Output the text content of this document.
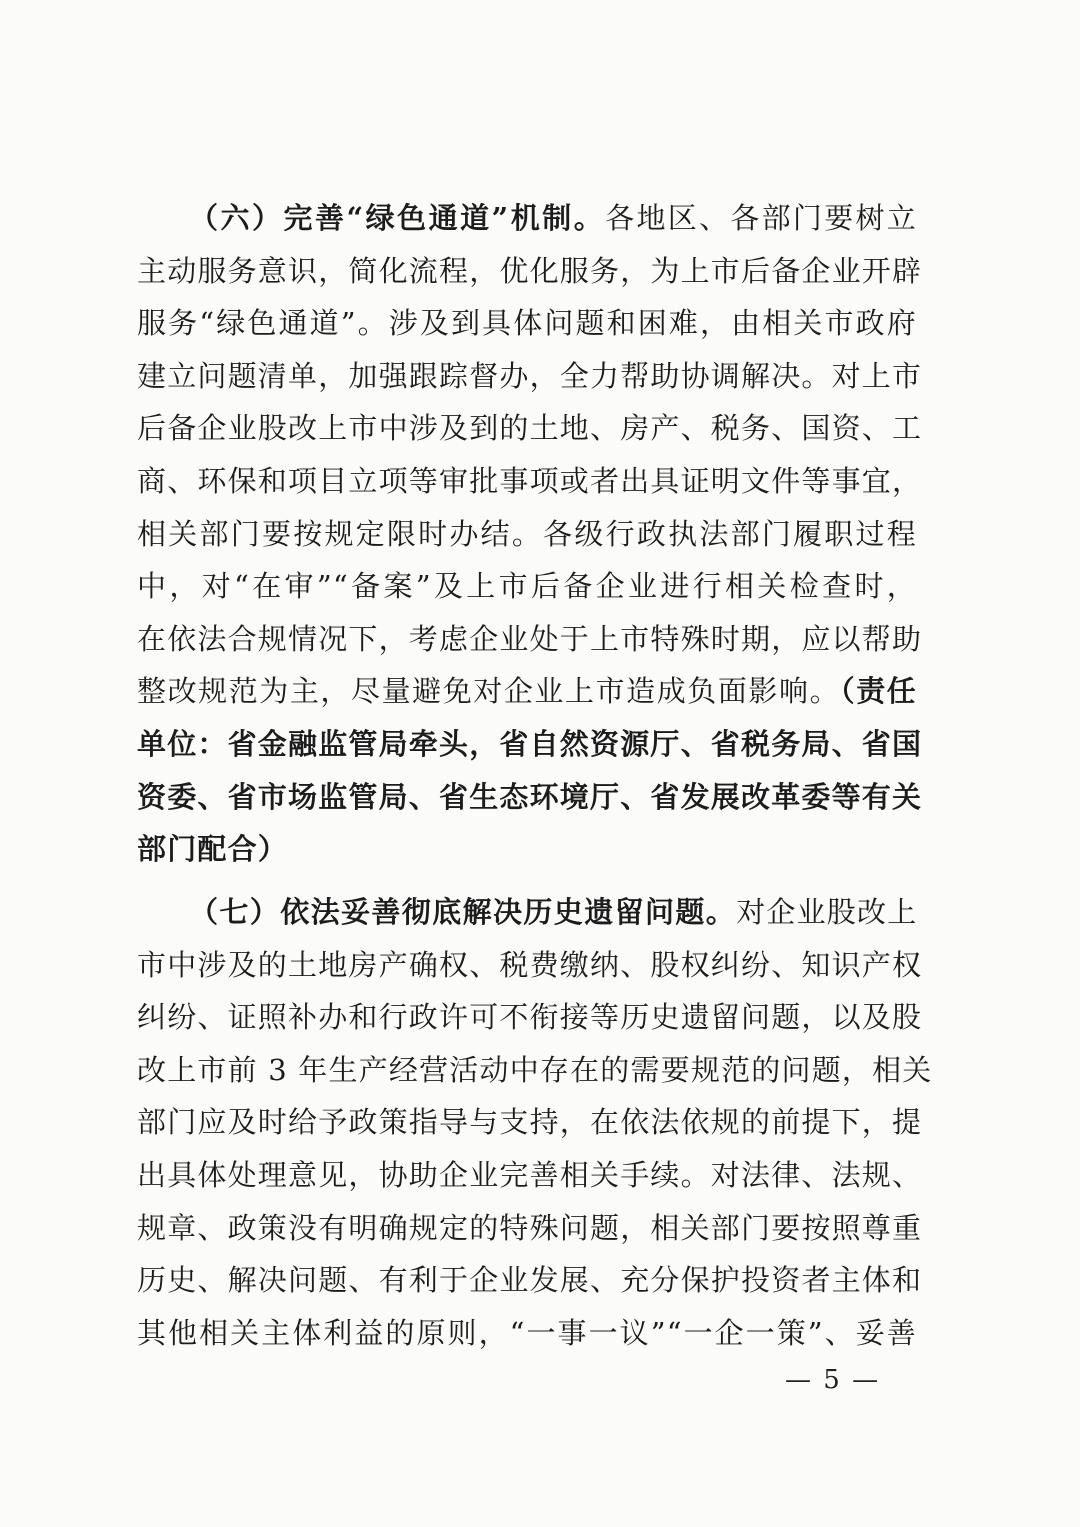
（六）完善“绿色通道”机制。各地区、各部门要树立
主动服务意识，简化流程，优化服务，为上市后备企业开辟
服务“绿色通道”。涉及到具体问题和困难，由相关市政府
建立问题清单，加强跟踪督办，全力帮助协调解决。对上市
后备企业股改上市中涉及到的土地、房产、税务、国资、工
商、环保和项目立项等审批事项或者出具证明文件等事宜，
相关部门要按规定限时办结。各级行政执法部门履职过程
中，对“在审”“备案”及上市后备企业进行相关检查时，
在依法合规情况下，考虑企业处于上市特殊时期，应以帮助
整改规范为主，尽量避免对企业上市造成负面影响。（责任
单位：省金融监管局牵头，省自然资源厅、省税务局、省国
资委、省市场监管局、省生态环境厅、省发展改革委等有关
部门配合）
（七）依法妥善彻底解决历史遗留问题。对企业股改上
市中涉及的土地房产确权、税费缴纳、股权纠纷、知识产权
纠纷、证照补办和行政许可不衔接等历史遗留问题，以及股
改上市前 3 年生产经营活动中存在的需要规范的问题，相关
部门应及时给予政策指导与支持，在依法依规的前提下，提
出具体处理意见，协助企业完善相关手续。对法律、法规、
规章、政策没有明确规定的特殊问题，相关部门要按照尊重
历史、解决问题、有利于企业发展、充分保护投资者主体和
其他相关主体利益的原则，“一事一议”“一企一策”、妥善
— 5 —
